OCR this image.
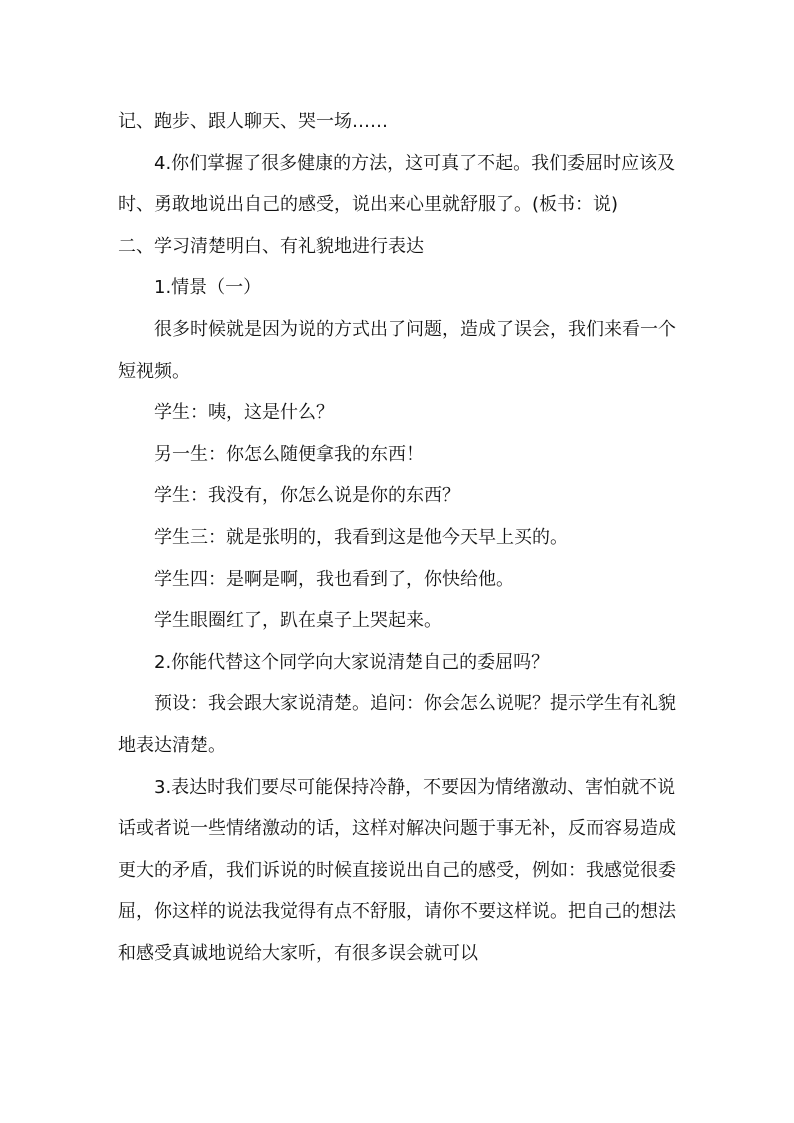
记、跑步、跟人聊天、哭一场……

4.你们掌握了很多健康的方法，这可真了不起。我们委屈时应该及时、勇敢地说出自己的感受，说出来心里就舒服了。(板书：说)

二、学习清楚明白、有礼貌地进行表达

1.情景（一）

很多时候就是因为说的方式出了问题，造成了误会，我们来看一个短视频。

学生：咦，这是什么？

另一生：你怎么随便拿我的东西！

学生：我没有，你怎么说是你的东西？

学生三：就是张明的，我看到这是他今天早上买的。

学生四：是啊是啊，我也看到了，你快给他。

学生眼圈红了，趴在桌子上哭起来。

2.你能代替这个同学向大家说清楚自己的委屈吗？

预设：我会跟大家说清楚。追问：你会怎么说呢？提示学生有礼貌地表达清楚。

3.表达时我们要尽可能保持冷静，不要因为情绪激动、害怕就不说话或者说一些情绪激动的话，这样对解决问题于事无补，反而容易造成更大的矛盾，我们诉说的时候直接说出自己的感受，例如：我感觉很委屈，你这样的说法我觉得有点不舒服，请你不要这样说。把自己的想法和感受真诚地说给大家听，有很多误会就可以
